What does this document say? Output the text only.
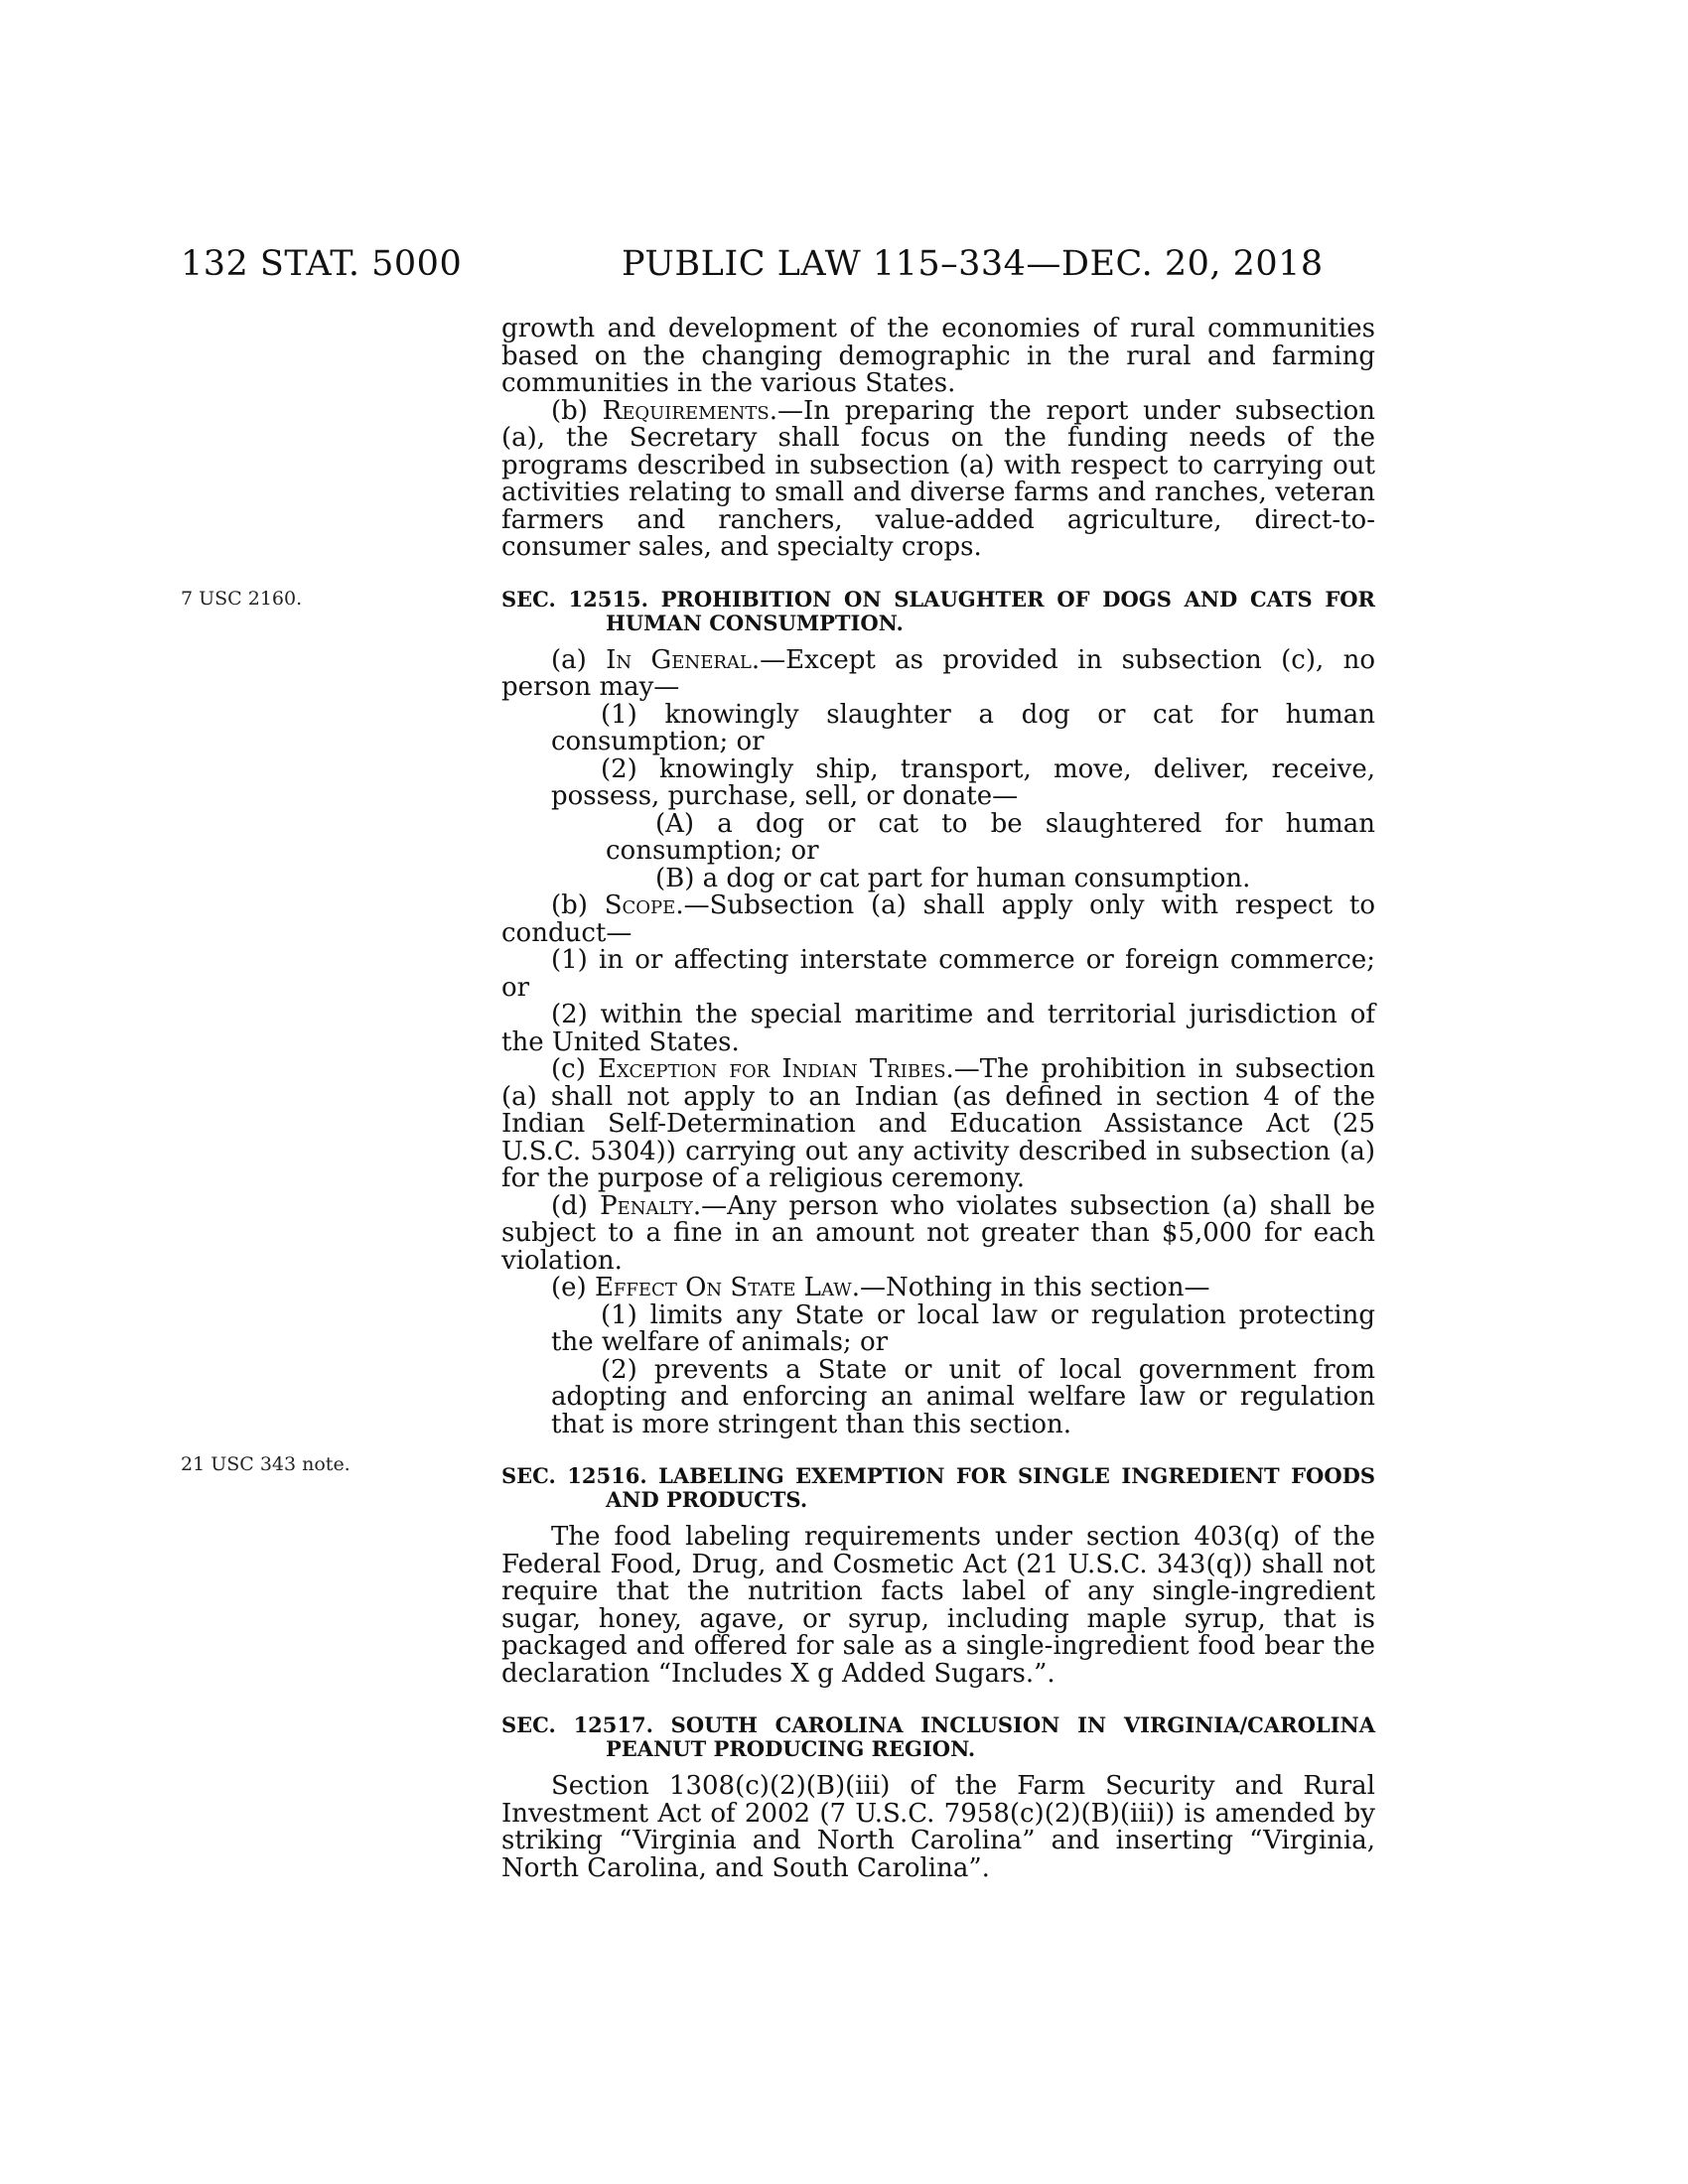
132 STAT. 5000	PUBLIC LAW 115–334—DEC. 20, 2018
7 USC 2160.
21 USC 343 note.

growth and development of the economies of rural communities based on the changing demographic in the rural and farming communities in the various States.

(b) Requirements.—In preparing the report under subsection (a), the Secretary shall focus on the funding needs of the programs described in subsection (a) with respect to carrying out activities relating to small and diverse farms and ranches, veteran farmers and ranchers, value-added agriculture, direct-to-consumer sales, and specialty crops.

SEC. 12515. PROHIBITION ON SLAUGHTER OF DOGS AND CATS FOR HUMAN CONSUMPTION.

(a) In General.—Except as provided in subsection (c), no person may—

(1) knowingly slaughter a dog or cat for human consumption; or

(2) knowingly ship, transport, move, deliver, receive, possess, purchase, sell, or donate—

(A) a dog or cat to be slaughtered for human consumption; or

(B) a dog or cat part for human consumption.

(b) Scope.—Subsection (a) shall apply only with respect to conduct—

(1) in or affecting interstate commerce or foreign commerce; or

(2) within the special maritime and territorial jurisdiction of the United States.

(c) Exception for Indian Tribes.—The prohibition in subsection (a) shall not apply to an Indian (as defined in section 4 of the Indian Self-Determination and Education Assistance Act (25 U.S.C. 5304)) carrying out any activity described in subsection (a) for the purpose of a religious ceremony.

(d) Penalty.—Any person who violates subsection (a) shall be subject to a fine in an amount not greater than $5,000 for each violation.

(e) Effect On State Law.—Nothing in this section—

(1) limits any State or local law or regulation protecting the welfare of animals; or

(2) prevents a State or unit of local government from adopting and enforcing an animal welfare law or regulation that is more stringent than this section.

SEC. 12516. LABELING EXEMPTION FOR SINGLE INGREDIENT FOODS AND PRODUCTS.

The food labeling requirements under section 403(q) of the Federal Food, Drug, and Cosmetic Act (21 U.S.C. 343(q)) shall not require that the nutrition facts label of any single-ingredient sugar, honey, agave, or syrup, including maple syrup, that is packaged and offered for sale as a single-ingredient food bear the declaration “Includes X g Added Sugars.”.

SEC. 12517. SOUTH CAROLINA INCLUSION IN VIRGINIA/CAROLINA PEANUT PRODUCING REGION.

Section 1308(c)(2)(B)(iii) of the Farm Security and Rural Investment Act of 2002 (7 U.S.C. 7958(c)(2)(B)(iii)) is amended by striking “Virginia and North Carolina” and inserting “Virginia, North Carolina, and South Carolina”.
